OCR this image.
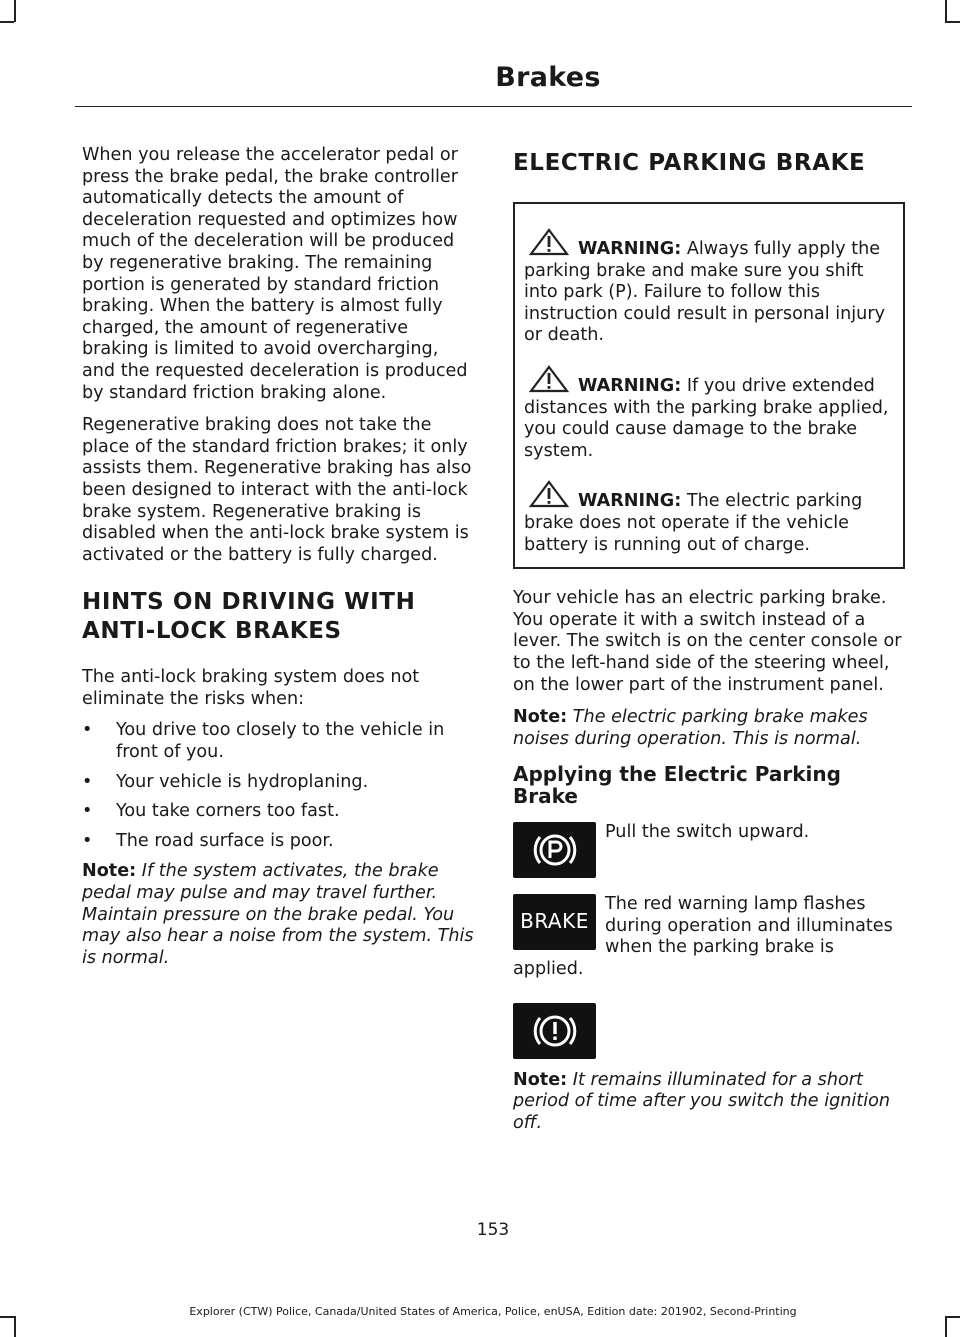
Brakes

When you release the accelerator pedal or press the brake pedal, the brake controller automatically detects the amount of deceleration requested and optimizes how much of the deceleration will be produced by regenerative braking. The remaining portion is generated by standard friction braking. When the battery is almost fully charged, the amount of regenerative braking is limited to avoid overcharging, and the requested deceleration is produced by standard friction braking alone.

Regenerative braking does not take the place of the standard friction brakes; it only assists them. Regenerative braking has also been designed to interact with the anti-lock brake system. Regenerative braking is disabled when the anti-lock brake system is activated or the battery is fully charged.

HINTS ON DRIVING WITH
ANTI-LOCK BRAKES

The anti-lock braking system does not eliminate the risks when:

• You drive too closely to the vehicle in front of you.
• Your vehicle is hydroplaning.
• You take corners too fast.
• The road surface is poor.

Note: If the system activates, the brake pedal may pulse and may travel further. Maintain pressure on the brake pedal. You may also hear a noise from the system. This is normal.

ELECTRIC PARKING BRAKE
WARNING: Always fully apply the parking brake and make sure you shift into park (P). Failure to follow this instruction could result in personal injury or death.
WARNING: If you drive extended distances with the parking brake applied, you could cause damage to the brake system.
WARNING: The electric parking brake does not operate if the vehicle battery is running out of charge.

Your vehicle has an electric parking brake. You operate it with a switch instead of a lever. The switch is on the center console or to the left-hand side of the steering wheel, on the lower part of the instrument panel.

Note: The electric parking brake makes noises during operation. This is normal.

Applying the Electric Parking Brake

Pull the switch upward.

BRAKE

The red warning lamp flashes during operation and illuminates when the parking brake is applied.

Note: It remains illuminated for a short period of time after you switch the ignition off.

153
Explorer (CTW) Police, Canada/United States of America, Police, enUSA, Edition date: 201902, Second-Printing
